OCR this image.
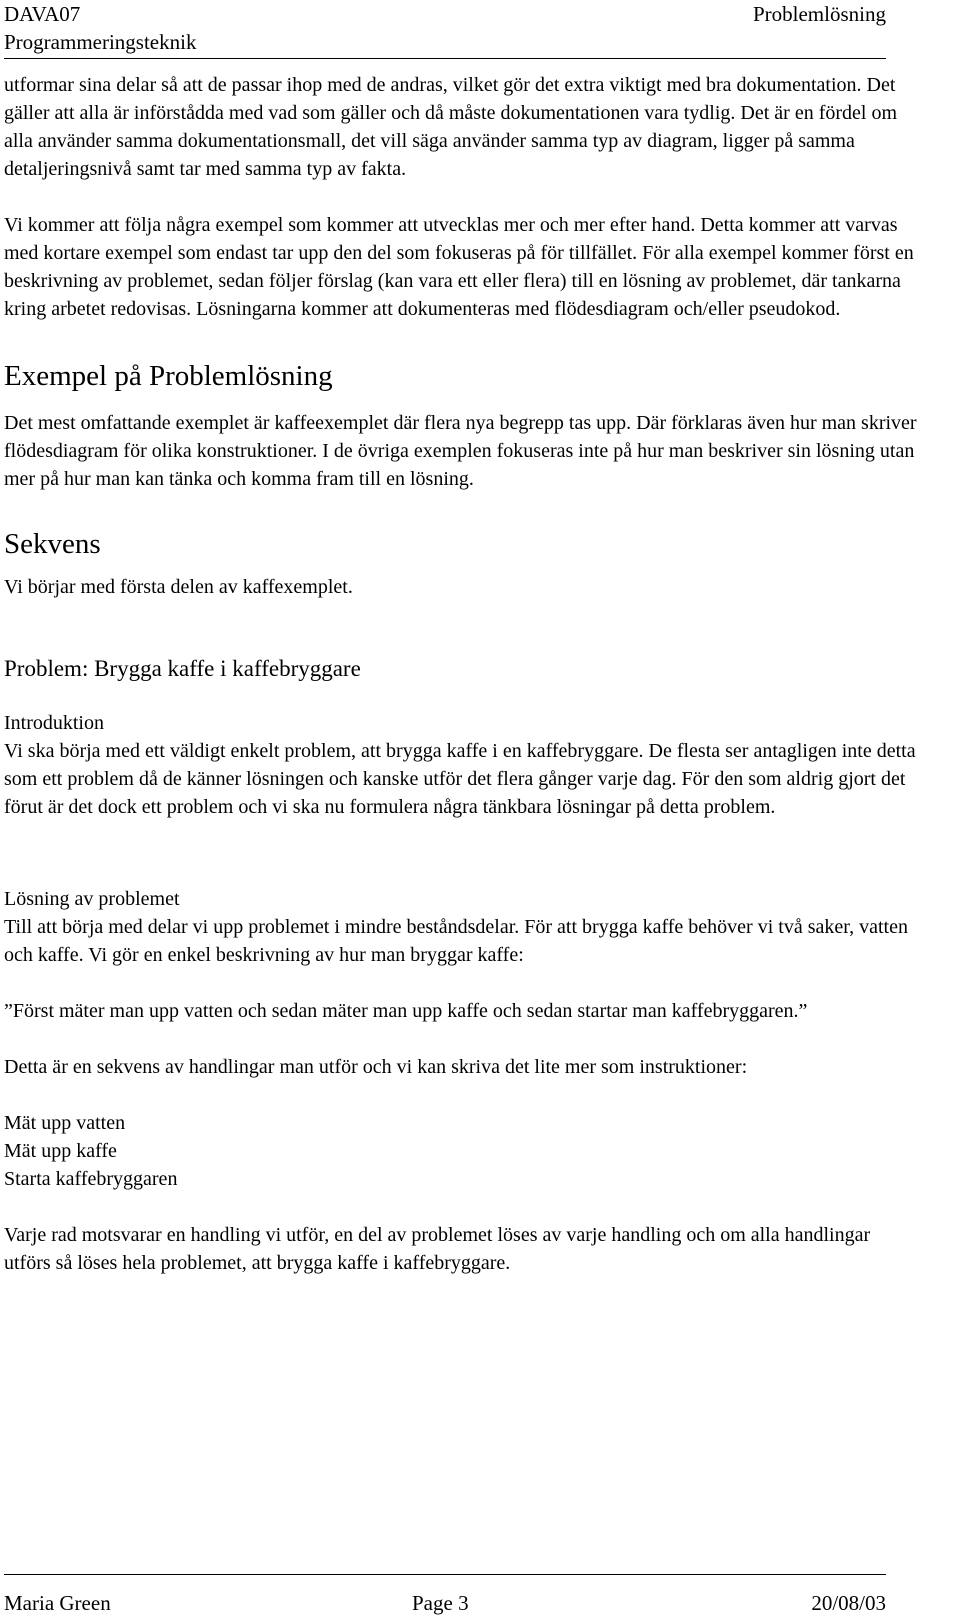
DAVA07
Programmeringsteknik
Problemlösning

utformar sina delar så att de passar ihop med de andras, vilket gör det extra viktigt med bra dokumentation. Det gäller att alla är införstådda med vad som gäller och då måste dokumentationen vara tydlig. Det är en fördel om alla använder samma dokumentationsmall, det vill säga använder samma typ av diagram, ligger på samma detaljeringsnivå samt tar med samma typ av fakta.

Vi kommer att följa några exempel som kommer att utvecklas mer och mer efter hand. Detta kommer att varvas med kortare exempel som endast tar upp den del som fokuseras på för tillfället. För alla exempel kommer först en beskrivning av problemet, sedan följer förslag (kan vara ett eller flera) till en lösning av problemet, där tankarna kring arbetet redovisas. Lösningarna kommer att dokumenteras med flödesdiagram och/eller pseudokod.

Exempel på Problemlösning

Det mest omfattande exemplet är kaffeexemplet där flera nya begrepp tas upp. Där förklaras även hur man skriver flödesdiagram för olika konstruktioner. I de övriga exemplen fokuseras inte på hur man beskriver sin lösning utan mer på hur man kan tänka och komma fram till en lösning.

Sekvens

Vi börjar med första delen av kaffexemplet.

Problem: Brygga kaffe i kaffebryggare
Introduktion

Vi ska börja med ett väldigt enkelt problem, att brygga kaffe i en kaffebryggare. De flesta ser antagligen inte detta som ett problem då de känner lösningen och kanske utför det flera gånger varje dag. För den som aldrig gjort det förut är det dock ett problem och vi ska nu formulera några tänkbara lösningar på detta problem.

Lösning av problemet

Till att börja med delar vi upp problemet i mindre beståndsdelar. För att brygga kaffe behöver vi två saker, vatten och kaffe. Vi gör en enkel beskrivning av hur man bryggar kaffe:

”Först mäter man upp vatten och sedan mäter man upp kaffe och sedan startar man kaffebryggaren.”

Detta är en sekvens av handlingar man utför och vi kan skriva det lite mer som instruktioner:

Mät upp vatten
Mät upp kaffe
Starta kaffebryggaren

Varje rad motsvarar en handling vi utför, en del av problemet löses av varje handling och om alla handlingar utförs så löses hela problemet, att brygga kaffe i kaffebryggare.

Maria Green	Page 3	20/08/03
